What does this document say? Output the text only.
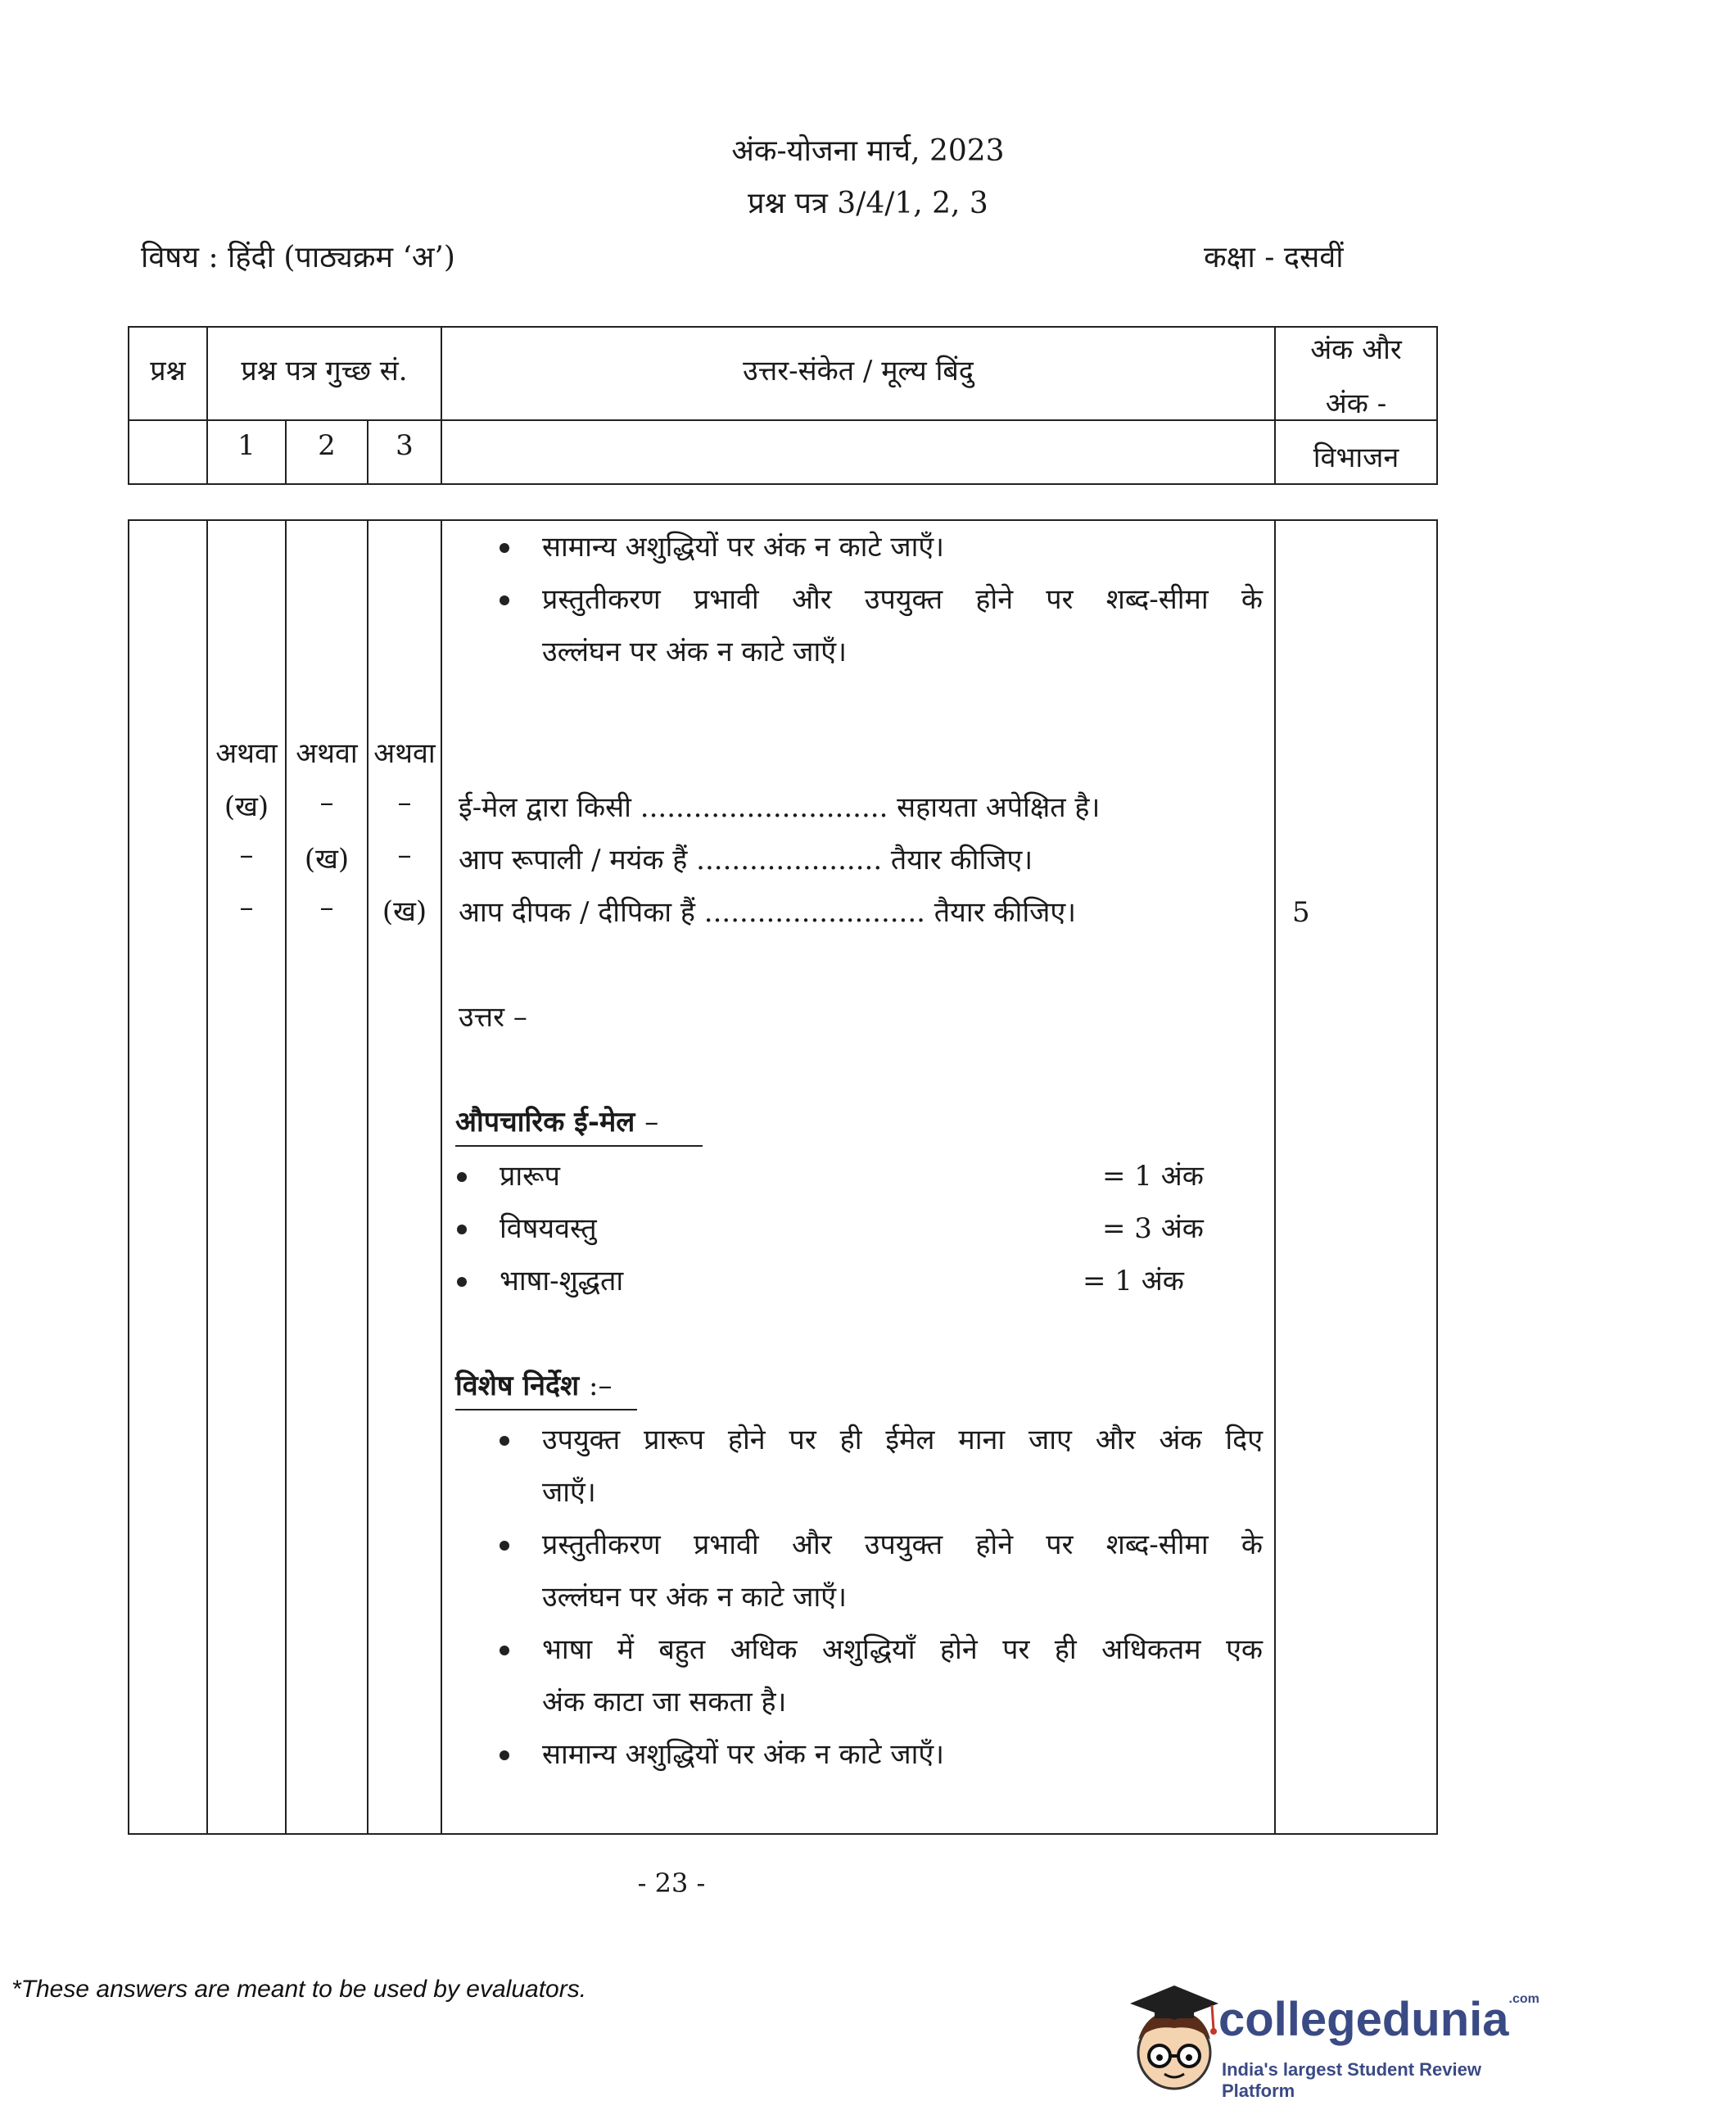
अंक-योजना मार्च, 2023
प्रश्न पत्र 3/4/1, 2, 3
विषय : हिंदी (पाठ्यक्रम ‘अ’)	कक्षा - दसवीं
प्रश्न	प्रश्न पत्र गुच्छ सं.
1	2	3
उत्तर-संकेत / मूल्य बिंदु
अंक और
अंक -
विभाजन
सामान्य अशुद्धियों पर अंक न काटे जाएँ।
प्रस्तुतीकरण प्रभावी और उपयुक्त होने पर शब्द-सीमा के
उल्लंघन पर अंक न काटे जाएँ।
अथवा अथवा अथवा
(ख)	–	–
–	(ख)	–
–	–	(ख)
ई-मेल द्वारा किसी ............................ सहायता अपेक्षित है।
आप रूपाली / मयंक हैं ..................... तैयार कीजिए।
आप दीपक / दीपिका हैं ......................... तैयार कीजिए।	5
उत्तर –
औपचारिक ई-मेल –
प्रारूप	= 1 अंक
विषयवस्तु	= 3 अंक
भाषा-शुद्धता	= 1 अंक
विशेष निर्देश :–
उपयुक्त प्रारूप होने पर ही ईमेल माना जाए और अंक दिए
जाएँ।
प्रस्तुतीकरण प्रभावी और उपयुक्त होने पर शब्द-सीमा के
उल्लंघन पर अंक न काटे जाएँ।
भाषा में बहुत अधिक अशुद्धियाँ होने पर ही अधिकतम एक
अंक काटा जा सकता है।
सामान्य अशुद्धियों पर अंक न काटे जाएँ।
- 23 -
*These answers are meant to be used by evaluators.
collegedunia$^{.com}$
India's largest Student Review Platform
